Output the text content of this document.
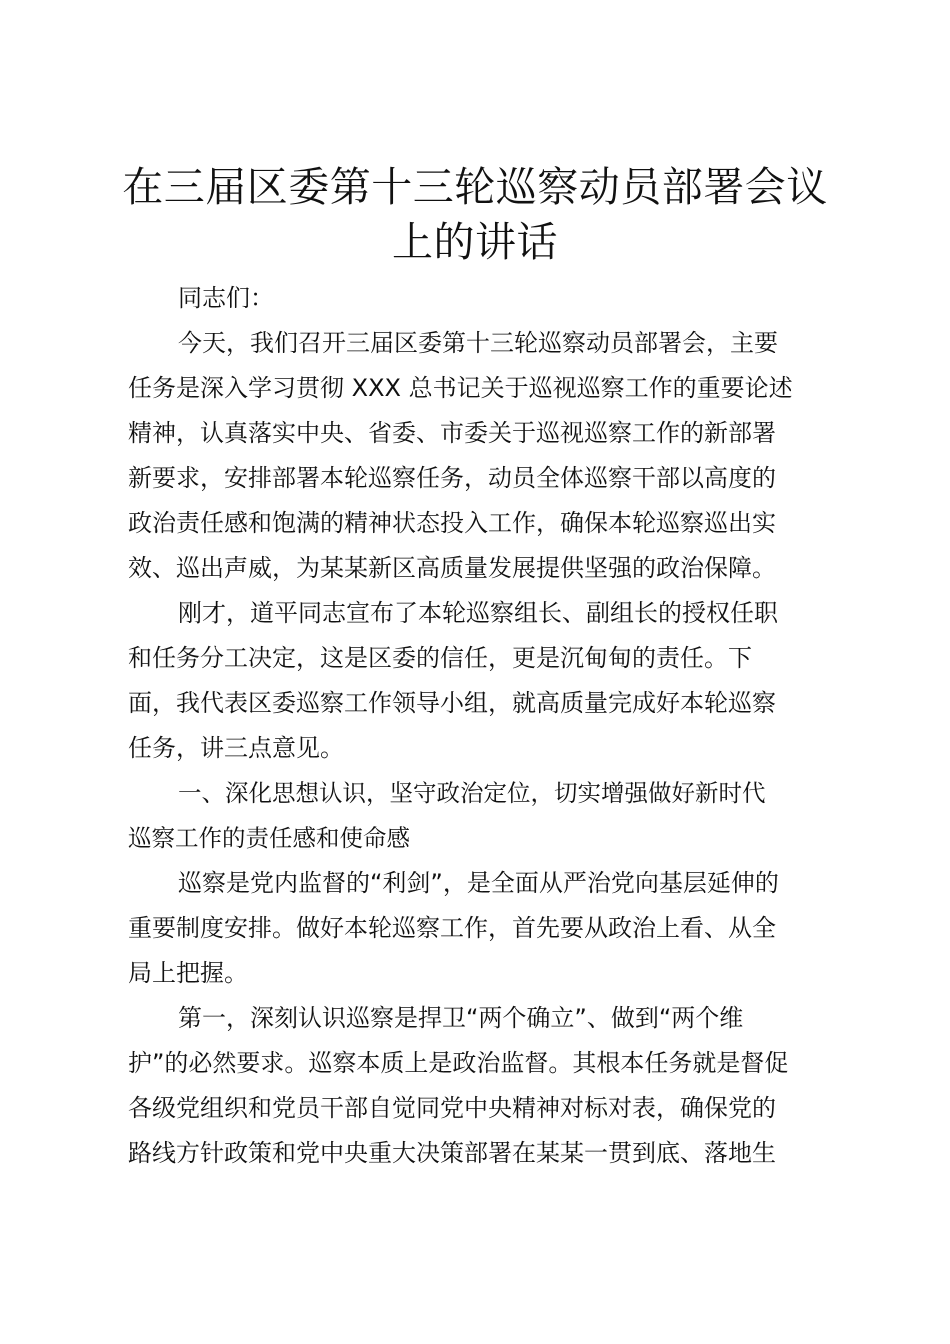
在三届区委第十三轮巡察动员部署会议
上的讲话
同志们：
今天，我们召开三届区委第十三轮巡察动员部署会，主要
任务是深入学习贯彻 XXX 总书记关于巡视巡察工作的重要论述
精神，认真落实中央、省委、市委关于巡视巡察工作的新部署
新要求，安排部署本轮巡察任务，动员全体巡察干部以高度的
政治责任感和饱满的精神状态投入工作，确保本轮巡察巡出实
效、巡出声威，为某某新区高质量发展提供坚强的政治保障。
刚才，道平同志宣布了本轮巡察组长、副组长的授权任职
和任务分工决定，这是区委的信任，更是沉甸甸的责任。下
面，我代表区委巡察工作领导小组，就高质量完成好本轮巡察
任务，讲三点意见。
一、深化思想认识，坚守政治定位，切实增强做好新时代
巡察工作的责任感和使命感
巡察是党内监督的“利剑”，是全面从严治党向基层延伸的
重要制度安排。做好本轮巡察工作，首先要从政治上看、从全
局上把握。
第一，深刻认识巡察是捍卫“两个确立”、做到“两个维
护”的必然要求。巡察本质上是政治监督。其根本任务就是督促
各级党组织和党员干部自觉同党中央精神对标对表，确保党的
路线方针政策和党中央重大决策部署在某某一贯到底、落地生
